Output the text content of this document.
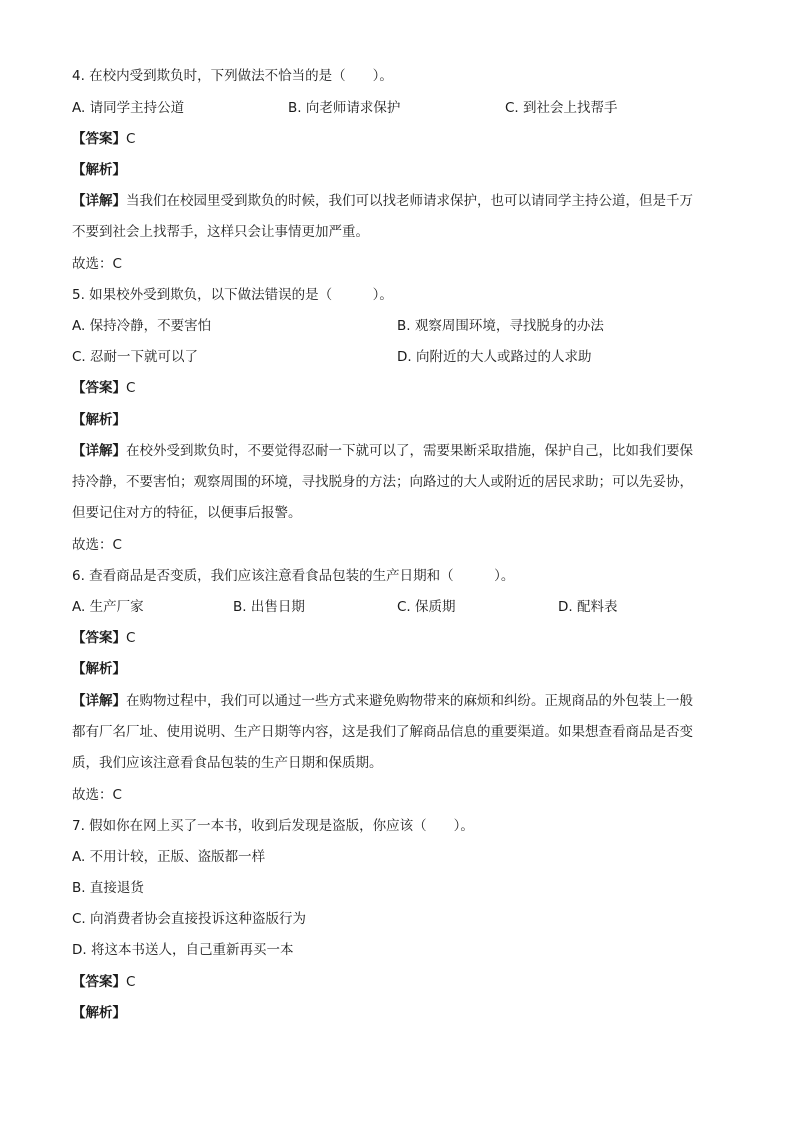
4. 在校内受到欺负时，下列做法不恰当的是（　　）。
A. 请同学主持公道	B. 向老师请求保护	C. 到社会上找帮手
【答案】C
【解析】
【详解】当我们在校园里受到欺负的时候，我们可以找老师请求保护，也可以请同学主持公道，但是千万
不要到社会上找帮手，这样只会让事情更加严重。
故选：C
5. 如果校外受到欺负，以下做法错误的是（　　　）。
A. 保持冷静，不要害怕	B. 观察周围环境，寻找脱身的办法
C. 忍耐一下就可以了	D. 向附近的大人或路过的人求助
【答案】C
【解析】
【详解】在校外受到欺负时，不要觉得忍耐一下就可以了，需要果断采取措施，保护自己，比如我们要保
持冷静，不要害怕；观察周围的环境，寻找脱身的方法；向路过的大人或附近的居民求助；可以先妥协，
但要记住对方的特征，以便事后报警。
故选：C
6. 查看商品是否变质，我们应该注意看食品包装的生产日期和（　　　）。
A. 生产厂家	B. 出售日期	C. 保质期	D. 配料表
【答案】C
【解析】
【详解】在购物过程中，我们可以通过一些方式来避免购物带来的麻烦和纠纷。正规商品的外包装上一般
都有厂名厂址、使用说明、生产日期等内容，这是我们了解商品信息的重要渠道。如果想查看商品是否变
质，我们应该注意看食品包装的生产日期和保质期。
故选：C
7. 假如你在网上买了一本书，收到后发现是盗版，你应该（　　）。
A. 不用计较，正版、盗版都一样
B. 直接退货
C. 向消费者协会直接投诉这种盗版行为
D. 将这本书送人，自己重新再买一本
【答案】C
【解析】
